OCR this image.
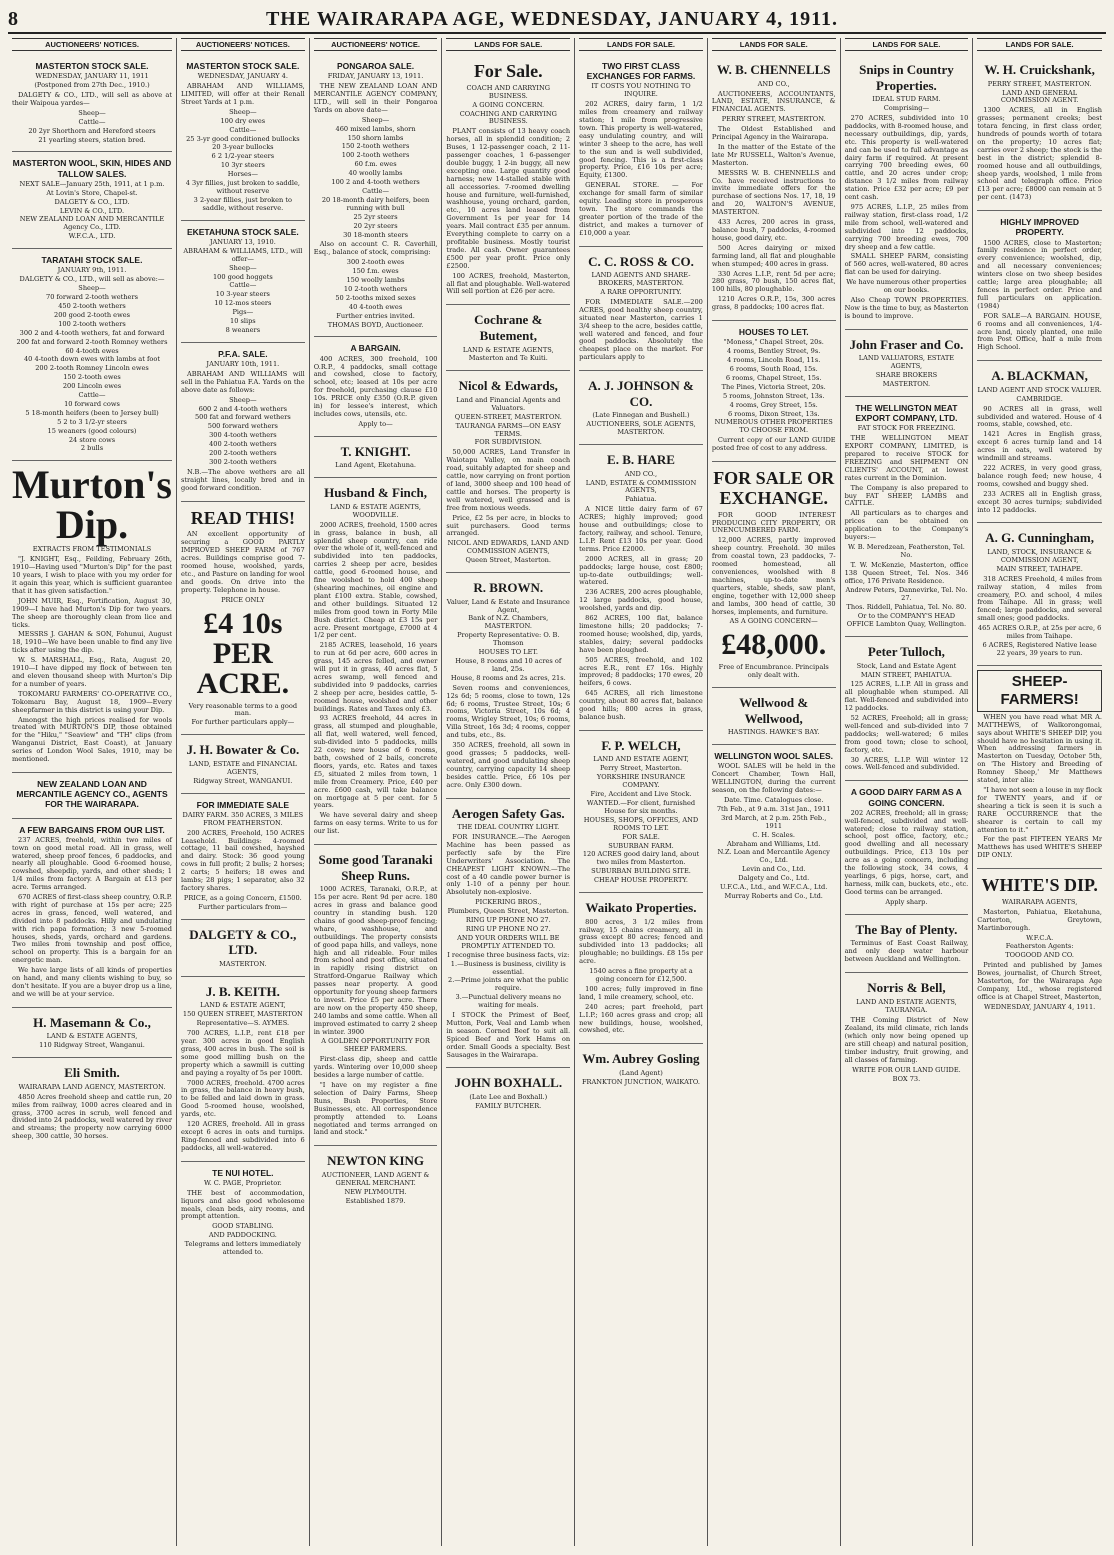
8	THE WAIRARAPA AGE, WEDNESDAY, JANUARY 4, 1911.
AUCTIONEERS' NOTICES.
MASTERTON STOCK SALE.
WEDNESDAY, JANUARY 11, 1911
(Postponed from 27th Dec., 1910.)
DALGETY & CO., LTD., will sell as above at their Waipoua yardes—
Sheep—
Cattle—
20 2yr Shorthorn and Hereford steers
21 yearling steers, station bred.
MASTERTON WOOL, SKIN, HIDES AND TALLOW SALES.
NEXT SALE—January 25th, 1911, at 1 p.m.
At Lovin's Store, Chapel-st.
DALGETY & CO., LTD.
LEVIN & CO., LTD.
NEW ZEALAND LOAN AND MERCANTILE Agency Co., LTD.
W.F.C.A., LTD.
TARATAHI STOCK SALE.
JANUARY 9th, 1911.
DALGETY & CO., LTD., will sell as above:—
Sheep—
70 forward 2-tooth wethers
450 2-tooth wethers
200 good 2-tooth ewes
100 2-tooth wethers
300 2 and 4-tooth wethers, fat and forward
200 fat and forward 2-tooth Romney wethers
60 4-tooth ewes
40 4-tooth down ewes with lambs at foot
200 2-tooth Romney Lincoln ewes
150 2-tooth ewes
200 Lincoln ewes
Cattle—
10 forward cows
5 18-month heifers (been to Jersey bull)
5 2 to 3 1/2-yr steers
15 weaners (good colours)
24 store cows
2 bulls
Murton's Dip.
EXTRACTS FROM TESTIMONIALS
"J. KNIGHT, Esq., Feilding, February 26th, 1910—Having used "Murton's Dip" for the past 10 years, I wish to place with you my order for it again this year, which is sufficient guarantee that it has given satisfaction."
JOHN MUIR, Esq., Fortification, August 30, 1909—I have had Murton's Dip for two years. The sheep are thoroughly clean from lice and ticks.
MESSRS J. GAHAN & SON, Fohunui, August 18, 1910—We have been unable to find any live ticks after using the dip.
W. S. MARSHALL, Esq., Rata, August 20, 1910—I have dipped my flock of between ten and eleven thousand sheep with Murton's Dip for a number of years.
TOKOMARU FARMERS' CO-OPERATIVE CO., Tokomaru Bay, August 18, 1909—Every sheepfarmer in this district is using your Dip.
Amongst the high prices realised for wools treated with MURTON'S DIP, those obtained for the "Hiku," "Seaview" and "TH" clips (from Wanganui District, East Coast), at January series of London Wool Sales, 1910, may be mentioned.
NEW ZEALAND LOAN AND MERCANTILE AGENCY CO., AGENTS FOR THE WAIRARAPA.
A FEW BARGAINS FROM OUR LIST.
237 ACRES, freehold, within two miles of town on good metal road. All in grass, well watered, sheep proof fences, 6 paddocks, and nearly all ploughable. Good 6-roomed house, cowshed, sheepdip, yards, and other sheds; 1 1/4 miles from factory. A Bargain at £13 per acre. Terms arranged.
670 ACRES of first-class sheep country, O.R.P. with right of purchase at 15s per acre; 225 acres in grass, fenced, well watered, and divided into 8 paddocks. Hilly and undulating with rich papa formation; 3 new 5-roomed houses, sheds, yards, orchard and gardens. Two miles from township and post office, school on property. This is a bargain for an energetic man.
We have large lists of all kinds of properties on hand, and many clients wishing to buy, so don't hesitate. If you are a buyer drop us a line, and we will be at your service.
H. Masemann & Co.,
LAND & ESTATE AGENTS,
110 Ridgway Street, Wanganui.
Eli Smith.
WAIRARAPA LAND AGENCY, MASTERTON.
4850 Acres freehold sheep and cattle run, 20 miles from railway, 1000 acres cleared and in grass, 3700 acres in scrub, well fenced and divided into 24 paddocks, well watered by river and streams; the property now carrying 6000 sheep, 300 cattle, 30 horses.
AUCTIONEERS' NOTICES.
MASTERTON STOCK SALE.
WEDNESDAY, JANUARY 4.
ABRAHAM AND WILLIAMS, LIMITED, will offer at their Renall Street Yards at 1 p.m.
Sheep—
100 dry ewes
Cattle—
25 3-yr good conditioned bullocks
20 3-year bullocks
6 2 1/2-year steers
10 3yr steers
Horses—
4 3yr fillies, just broken to saddle, without reserve
3 2-year fillies, just broken to saddle, without reserve.
EKETAHUNA STOCK SALE.
JANUARY 13, 1910.
ABRAHAM & WILLIAMS, LTD., will offer—
Sheep—
100 good hoggets
Cattle—
10 3-year steers
10 12-mos steers
Pigs—
10 slips
8 weaners
P.F.A. SALE.
JANUARY 10th, 1911.
ABRAHAM AND WILLIAMS will sell in the Pahiatua F.A. Yards on the above date as follows:
Sheep—
600 2 and 4-tooth wethers
500 fat and forward wethers
500 forward wethers
300 4-tooth wethers
400 2-tooth wethers
200 2-tooth wethers
300 2-tooth wethers
N.B.—The above wethers are all straight lines, locally bred and in good forward condition.
READ THIS!
AN excellent opportunity of securing a GOOD PARTLY IMPROVED SHEEP FARM of 767 acres. Buildings comprise good 7-roomed house, woolshed, yards, etc., and Pasture on landing for wool and goods. On drive into the property. Telephone in house.
PRICE ONLY
£4 10s PER ACRE.
Very reasonable terms to a good man.
For further particulars apply—
J. H. Bowater & Co.
LAND, ESTATE and FINANCIAL AGENTS,
Ridgway Street, WANGANUI.
FOR IMMEDIATE SALE
DAIRY FARM. 350 ACRES, 3 MILES FROM FEATHERSTON.
200 ACRES, Freehold, 150 ACRES Leasehold. Buildings: 4-roomed cottage, 11 bail cowshed, hayshed and dairy. Stock: 36 good young cows in full profit; 2 bulls; 2 horses; 2 carts; 5 heifers; 18 ewes and lambs; 28 pigs; 1 separator, also 32 factory shares.
PRICE, as a going Concern, £1500.
Further particulars from—
DALGETY & CO., LTD.
MASTERTON.
J. B. KEITH.
LAND & ESTATE AGENT,
150 QUEEN STREET, MASTERTON
Representative—S. AYMES.
700 ACRES, L.I.P., rent £18 per year. 300 acres in good English grass, 400 acres in bush. The soil is some good milling bush on the property which a sawmill is cutting and paying a royalty of 5s per 100ft.
7000 ACRES, freehold. 4700 acres in grass, the balance in heavy bush, to be felled and laid down in grass. Good 5-roomed house, woolshed, yards, etc.
120 ACRES, freehold. All in grass except 6 acres in oats and turnips. Ring-fenced and subdivided into 6 paddocks, all well-watered.
TE NUI HOTEL.
W. C. PAGE, Proprietor.
THE best of accommodation, liquors and also good wholesome meals, clean beds, airy rooms, and prompt attention.
GOOD STABLING.
AND PADDOCKING.
Telegrams and letters immediately attended to.
AUCTIONEERS' NOTICE.
PONGAROA SALE.
FRIDAY, JANUARY 13, 1911.
THE NEW ZEALAND LOAN AND MERCANTILE AGENCY COMPANY, LTD., will sell in their Pongaroa Yards on above date—
Sheep—
460 mixed lambs, shorn
150 shorn lambs
150 2-tooth wethers
100 2-tooth wethers
60 f.m. ewes
40 woolly lambs
100 2 and 4-tooth wethers
Cattle—
20 18-month dairy heifers, been running with bull
25 2yr steers
20 2yr steers
30 18-month steers
Also on account C. R. Caverhill, Esq., balance of stock, comprising:
300 2-tooth ewes
150 f.m. ewes
150 woolly lambs
10 2-tooth wethers
50 2-tooths mixed sexes
40 4-tooth ewes
Further entries invited.
THOMAS BOYD, Auctioneer.
A BARGAIN.
400 ACRES, 300 freehold, 100 O.R.P., 4 paddocks, small cottage and cowshed, close to factory, school, etc; leased at 10s per acre for freehold, purchasing clause £10 10s. PRICE only £350 (O.R.P. given in) for lessee's interest, which includes cows, utensils, etc.
Apply to—
T. KNIGHT.
Land Agent, Eketahuna.
Husband & Finch,
LAND & ESTATE AGENTS, WOODVILLE.
2000 ACRES, freehold, 1500 acres in grass, balance in bush, all splendid sheep country, can ride over the whole of it, well-fenced and subdivided into ten paddocks, carries 2 sheep per acre, besides cattle, good 6-roomed house, and fine woolshed to hold 400 sheep (shearing machines, oil engine and plant £100 extra. Stable, cowshed, and other buildings. Situated 12 miles from good town in Forty Mile Bush district. Cheap at £3 15s per acre. Present mortgage, £7000 at 4 1/2 per cent.
2185 ACRES, leasehold, 16 years to run at 6d per acre, 600 acres in grass, 145 acres felled, and owner will put it in grass, 40 acres flat, 5 acres swamp, well fenced and subdivided into 9 paddocks, carries 2 sheep per acre, besides cattle, 5-roomed house, woolshed and other buildings. Rates and Taxes only £3.
93 ACRES freehold, 44 acres in grass, all stumped and ploughable, all flat, well watered, well fenced, sub-divided into 5 paddocks, mills 22 cows; new house of 6 rooms, bath, cowshed of 2 bails, concrete floors, yards, etc. Rates and taxes £5, situated 2 miles from town, 1 mile from Creamery. Price, £40 per acre. £600 cash, will take balance on mortgage at 5 per cent. for 5 years.
We have several dairy and sheep farms on easy terms. Write to us for our list.
Some good Taranaki Sheep Runs.
1000 ACRES, Taranaki, O.R.P., at 15s per acre. Rent 9d per acre. 180 acres in grass and balance good country in standing bush. 120 chains of good sheep-proof fencing; whare, washhouse, and outbuildings. The property consists of good papa hills, and valleys, none high and all rideable. Four miles from school and post office, situated in rapidly rising district on Stratford-Ongarue Railway which passes near property. A good opportunity for young sheep farmers to invest. Price £5 per acre. There are now on the property 450 sheep, 240 lambs and some cattle. When all improved estimated to carry 2 sheep in winter. 3900
A GOLDEN OPPORTUNITY FOR SHEEP FARMERS.
First-class dip, sheep and cattle yards. Wintering over 10,000 sheep besides a large number of cattle.
"I have on my register a fine selection of Dairy Farms, Sheep Runs, Bush Properties, Store Businesses, etc. All correspondence promptly attended to. Loans negotiated and terms arranged on land and stock."
NEWTON KING
AUCTIONEER, LAND AGENT & GENERAL MERCHANT.
NEW PLYMOUTH.
Established 1879.
LANDS FOR SALE.
For Sale.
COACH AND CARRYING BUSINESS.
A GOING CONCERN.
COACHING AND CARRYING BUSINESS.
PLANT consists of 13 heavy coach horses, all in splendid condition; 2 Buses, 1 12-passenger coach, 2 11-passenger coaches, 1 6-passenger double buggy, 1 2-in buggy, all new excepting one. Large quantity good harness; new 14-stalled stable with all accessories. 7-roomed dwelling house and furniture, well-furnished, washhouse, young orchard, garden, etc., 10 acres land leased from Government 1s per year for 14 years. Mail contract £35 per annum. Everything complete to carry on a profitable business. Mostly tourist trade. All cash. Owner guarantees £500 per year profit. Price only £2500.
100 ACRES, freehold, Masterton, all flat and ploughable. Well-watered Will sell portion at £26 per acre.
Cochrane & Butement,
LAND & ESTATE AGENTS,
Masterton and Te Kuiti.
Nicol & Edwards,
Land and Financial Agents and Valuators.
QUEEN-STREET, MASTERTON.
TAURANGA FARMS—ON EASY TERMS.
FOR SUBDIVISION.
50,000 ACRES, Land Transfer in Waiotapu Valley, on main coach road, suitably adapted for sheep and cattle, now carrying on front portion of land, 3000 sheep and 100 head of cattle and horses. The property is well watered, well grassed and is free from noxious weeds.
Price, £2 5s per acre, in blocks to suit purchasers. Good terms arranged.
NICOL AND EDWARDS, LAND AND COMMISSION AGENTS,
Queen Street, Masterton.
R. BROWN.
Valuer, Land & Estate and Insurance Agent,
Bank of N.Z. Chambers, MASTERTON.
Property Representative: O. B. Thomson
HOUSES TO LET.
House, 8 rooms and 10 acres of land, 25s.
House, 8 rooms and 2s acres, 21s.
Seven rooms and conveniences, 12s 6d; 5 rooms, close to town, 12s 6d; 6 rooms, Trustee Street, 10s; 6 rooms, Victoria Street, 10s 6d; 4 rooms, Wrigley Street, 10s; 6 rooms, Villa Street, 16s 3d; 4 rooms, copper and tubs, etc., 8s.
350 ACRES, freehold, all sown in good grasses; 5 paddocks, well-watered, and good undulating sheep country, carrying capacity 14 sheep besides cattle. Price, £6 10s per acre. Only £300 down.
Aerogen Safety Gas.
THE IDEAL COUNTRY LIGHT.
FOR INSURANCE.—The Aerogen Machine has been passed as perfectly safe by the Fire Underwriters' Association. The CHEAPEST LIGHT KNOWN.—The cost of a 40 candle power burner is only 1-10 of a penny per hour. Absolutely non-explosive.
PICKERING BROS.,
Plumbers, Queen Street, Masterton.
RING UP PHONE NO 27.
RING UP PHONE NO 27.
AND YOUR ORDERS WILL BE PROMPTLY ATTENDED TO.
I recognise three business facts, viz:
1.—Business is business, civility is essential.
2.—Prime joints are what the public require.
3.—Punctual delivery means no waiting for meals.
I STOCK the Primest of Beef, Mutton, Pork, Veal and Lamb when in season. Corned Beef to suit all. Spiced Beef and York Hams on order. Small Goods a specialty. Best Sausages in the Wairarapa.
JOHN BOXHALL.
(Late Lee and Boxhall.)
FAMILY BUTCHER.
LANDS FOR SALE.
TWO FIRST CLASS EXCHANGES FOR FARMS.
IT COSTS YOU NOTHING TO INQUIRE.
202 ACRES, dairy farm, 1 1/2 miles from creamery and railway station; 1 mile from progressive town. This property is well-watered, easy undulating country, and will winter 3 sheep to the acre, has well to the sun and is well subdivided, good fencing. This is a first-class property. Price, £16 10s per acre; Equity, £1300.
GENERAL STORE. — For exchange for small farm of similar equity. Leading store in prosperous town. The store commands the greater portion of the trade of the district, and makes a turnover of £10,000 a year.
C. C. ROSS & CO.
LAND AGENTS AND SHARE-BROKERS, MASTERTON.
A RARE OPPORTUNITY.
FOR IMMEDIATE SALE.—200 ACRES, good healthy sheep country, situated near Masterton, carries 1 3/4 sheep to the acre, besides cattle, well watered and fenced, and four good paddocks. Absolutely the cheapest place on the market. For particulars apply to
A. J. JOHNSON & CO.
(Late Finnegan and Bushell.)
AUCTIONEERS, SOLE AGENTS, MASTERTON.
E. B. HARE
AND CO.,
LAND, ESTATE & COMMISSION AGENTS,
Pahiatua.
A NICE little dairy farm of 67 ACRES; highly improved; good house and outbuildings; close to factory, railway, and school. Tenure, L.I.P. Rent £13 10s per year. Good terms. Price £2000.
2000 ACRES, all in grass; 20 paddocks; large house, cost £800; up-to-date outbuildings; well-watered.
236 ACRES, 200 acres ploughable, 12 large paddocks, good house, woolshed, yards and dip.
862 ACRES, 100 flat, balance limestone hills; 20 paddocks; 7-roomed house; woolshed, dip, yards, stables, dairy; several paddocks have been ploughed.
505 ACRES, freehold, and 102 acres E.R., rent £7 16s. Highly improved; 8 paddocks; 170 ewes, 20 heifers, 6 cows.
645 ACRES, all rich limestone country, about 80 acres flat, balance good hills; 800 acres in grass, balance bush.
F. P. WELCH,
LAND AND ESTATE AGENT,
Perry Street, Masterton.
YORKSHIRE INSURANCE COMPANY.
Fire, Accident and Live Stock.
WANTED.—For client, furnished House for six months.
HOUSES, SHOPS, OFFICES, AND ROOMS TO LET.
FOR SALE.
SUBURBAN FARM.
120 ACRES good dairy land, about two miles from Masterton.
SUBURBAN BUILDING SITE.
CHEAP HOUSE PROPERTY.
Waikato Properties.
800 acres, 3 1/2 miles from railway, 15 chains creamery, all in grass except 80 acres; fenced and subdivided into 13 paddocks; all ploughable; no buildings. £8 15s per acre.
1540 acres a fine property at a going concern for £12,500.
100 acres; fully improved in fine land, 1 mile creamery, school, etc.
240 acres; part freehold, part L.I.P.; 160 acres grass and crop; all new buildings, house, woolshed, cowshed, etc.
Wm. Aubrey Gosling
(Land Agent)
FRANKTON JUNCTION, WAIKATO.
LANDS FOR SALE.
W. B. CHENNELLS
AND CO.,
AUCTIONEERS, ACCOUNTANTS, LAND, ESTATE, INSURANCE, & FINANCIAL AGENTS.
PERRY STREET, MASTERTON.
The Oldest Established and Principal Agency in the Wairarapa.
In the matter of the Estate of the late Mr RUSSELL, Walton's Avenue, Masterton.
MESSRS W. B. CHENNELLS and Co. have received instructions to invite immediate offers for the purchase of sections Nos. 17, 18, 19 and 20, WALTON'S AVENUE, MASTERTON.
433 Acres, 200 acres in grass, balance bush, 7 paddocks, 4-roomed house, good dairy, etc.
500 Acres dairying or mixed farming land, all flat and ploughable when stumped; 400 acres in grass.
330 Acres L.I.P., rent 5d per acre; 280 grass, 70 bush, 150 acres flat, 100 hills, 80 ploughable.
1210 Acres O.R.P., 15s, 300 acres grass, 8 paddocks; 100 acres flat.
HOUSES TO LET.
"Moness," Chapel Street, 20s.
4 rooms, Bentley Street, 9s.
4 rooms, Lincoln Road, 11s.
6 rooms, South Road, 15s.
6 rooms, Chapel Street, 15s.
The Pines, Victoria Street, 20s.
5 rooms, Johnston Street, 13s.
4 rooms, Grey Street, 15s.
6 rooms, Dixon Street, 13s.
NUMEROUS OTHER PROPERTIES TO CHOOSE FROM.
Current copy of our LAND GUIDE posted free of cost to any address.
FOR SALE OR EXCHANGE.
FOR GOOD INTEREST PRODUCING CITY PROPERTY, OR UNENCUMBERED FARM.
12,000 ACRES, partly improved sheep country. Freehold. 30 miles from coastal town, 23 paddocks, 7-roomed homestead, all conveniences, woolshed with 8 machines, up-to-date men's quarters, stable, sheds, saw plant, engine, together with 12,000 sheep and lambs, 300 head of cattle, 30 horses, implements, and furniture.
AS A GOING CONCERN—
£48,000.
Free of Encumbrance. Principals only dealt with.
Wellwood & Wellwood,
HASTINGS. HAWKE'S BAY.
WELLINGTON WOOL SALES.
WOOL SALES will be held in the Concert Chamber, Town Hall, WELLINGTON, during the current season, on the following dates:—
Date. Time. Catalogues close.
7th Feb., at 9 a.m. 31st Jan., 1911
3rd March, at 2 p.m. 25th Feb., 1911
C. H. Scales.
Abraham and Williams, Ltd.
N.Z. Loan and Mercantile Agency Co., Ltd.
Levin and Co., Ltd.
Dalgety and Co., Ltd.
U.F.C.A., Ltd., and W.F.C.A., Ltd.
Murray Roberts and Co., Ltd.
LANDS FOR SALE.
Snips in Country Properties.
IDEAL STUD FARM.
Comprising—
270 ACRES, subdivided into 10 paddocks, with 8-roomed house, and necessary outbuildings, dip, yards, etc. This property is well-watered and can be used to full advantage as dairy farm if required. At present carrying 700 breeding ewes, 60 cattle, and 20 acres under crop; distance 3 1/2 miles from railway station. Price £32 per acre; £9 per cent cash.
975 ACRES, L.I.P., 25 miles from railway station, first-class road, 1/2 mile from school, well-watered and subdivided into 12 paddocks, carrying 700 breeding ewes, 700 dry sheep and a few cattle.
SMALL SHEEP FARM, consisting of 560 acres, well-watered, 80 acres flat can be used for dairying.
We have numerous other properties on our books.
Also Cheap TOWN PROPERTIES. Now is the time to buy, as Masterton is bound to improve.
John Fraser and Co.
LAND VALUATORS, ESTATE AGENTS,
SHARE BROKERS
MASTERTON.
THE WELLINGTON MEAT EXPORT COMPANY, LTD.
FAT STOCK FOR FREEZING.
THE WELLINGTON MEAT EXPORT COMPANY, LIMITED, is prepared to receive STOCK for FREEZING and SHIPMENT ON CLIENTS' ACCOUNT, at lowest rates current in the Dominion.
The Company is also prepared to buy FAT SHEEP, LAMBS and CATTLE.
All particulars as to charges and prices can be obtained on application to the Company's buyers:—
W. B. Meredzean, Featherston, Tel. No.
T. W. McKenzie, Masterton, office 138 Queen Street, Tel. Nos. 346 office, 176 Private Residence.
Andrew Peters, Dannevirke, Tel. No. 27.
Thos. Riddell, Pahiatua, Tel. No. 80.
Or to the COMPANY'S HEAD OFFICE Lambton Quay, Wellington.
Peter Tulloch,
Stock, Land and Estate Agent
MAIN STREET, PAHIATUA.
125 ACRES, L.I.P. All in grass and all ploughable when stumped. All flat. Well-fenced and subdivided into 12 paddocks.
52 ACRES, Freehold; all in grass; well-fenced and sub-divided into 7 paddocks; well-watered; 6 miles from good town; close to school, factory, etc.
30 ACRES, L.I.P. Will winter 12 cows. Well-fenced and subdivided.
A GOOD DAIRY FARM AS A GOING CONCERN.
202 ACRES, freehold; all in grass; well-fenced, subdivided and well-watered; close to railway station, school, post office, factory, etc.; good dwelling and all necessary outbuildings. Price, £13 10s per acre as a going concern, including the following stock, 34 cows, 4 yearlings, 6 pigs, horse, cart, and harness, milk can, buckets, etc., etc. Good terms can be arranged.
Apply sharp.
The Bay of Plenty.
Terminus of East Coast Railway, and only deep water harbour between Auckland and Wellington.
Norris & Bell,
LAND AND ESTATE AGENTS,
TAURANGA.
THE Coming District of New Zealand, its mild climate, rich lands (which only now being opened up are still cheap) and natural position, timber industry, fruit growing, and all classes of farming.
WRITE FOR OUR LAND GUIDE.
BOX 73.
LANDS FOR SALE.
W. H. Cruickshank,
PERRY STREET, MASTERTON.
LAND AND GENERAL COMMISSION AGENT.
1300 ACRES, all in English grasses; permanent creeks; best totara fencing, in first class order, hundreds of pounds worth of totara on the property; 10 acres flat; carries over 2 sheep; the stock is the best in the district; splendid 8-roomed house and all outbuildings, sheep yards, woolshed, 1 mile from school and telegraph office. Price £13 per acre; £8000 can remain at 5 per cent. (1473)
HIGHLY IMPROVED PROPERTY.
1500 ACRES, close to Masterton; family residence in perfect order, every convenience; woolshed, dip, and all necessary conveniences; winters close on two sheep besides cattle; large area ploughable; all fences in perfect order. Price and full particulars on application. (1984)
FOR SALE—A BARGAIN. HOUSE, 6 rooms and all conveniences, 1/4-acre land, nicely planted, one mile from Post Office, half a mile from High School.
A. BLACKMAN,
LAND AGENT AND STOCK VALUER.
CAMBRIDGE.
90 ACRES all in grass, well subdivided and watered. House of 4 rooms, stable, cowshed, etc.
1421 Acres in English grass, except 6 acres turnip land and 14 acres in oats, well watered by windmill and streams.
222 ACRES, in very good grass, balance rough feed; new house, 4 rooms, cowshed and buggy shed.
233 ACRES all in English grass, except 30 acres turnips; subdivided into 12 paddocks.
A. G. Cunningham,
LAND, STOCK, INSURANCE & COMMISSION AGENT,
MAIN STREET, TAIHAPE.
318 ACRES Freehold, 4 miles from railway station, 4 miles from creamery, P.O. and school, 4 miles from Taihape. All in grass; well fenced; large paddocks, and several small ones; good paddocks.
465 ACRES O.R.P., at 25s per acre, 6 miles from Taihape.
6 ACRES, Registered Native lease 22 years, 39 years to run.
SHEEP-FARMERS!
WHEN you have read what MR A. MATTHEWS, of Walkorongomai, says about WHITE'S SHEEP DIP, you should have no hesitation in using it. When addressing farmers in Masterton on Tuesday, October 5th, on 'The History and Breeding of Romney Sheep,' Mr Matthews stated, inter alia:
"I have not seen a louse in my flock for TWENTY years, and if or shearing a tick is seen it is such a RARE OCCURRENCE that the shearer is certain to call my attention to it."
For the past FIFTEEN YEARS Mr Matthews has used WHITE'S SHEEP DIP ONLY.
WHITE'S DIP.
WAIRARAPA AGENTS,
Masterton, Pahiatua, Eketahuna, Carterton, Greytown, Martinborough.
W.F.C.A.
Featherston Agents:
TOOGOOD AND CO.
Printed and published by James Bowes, journalist, of Church Street, Masterton, for the Wairarapa Age Company, Ltd., whose registered office is at Chapel Street, Masterton,
WEDNESDAY, JANUARY 4, 1911.
